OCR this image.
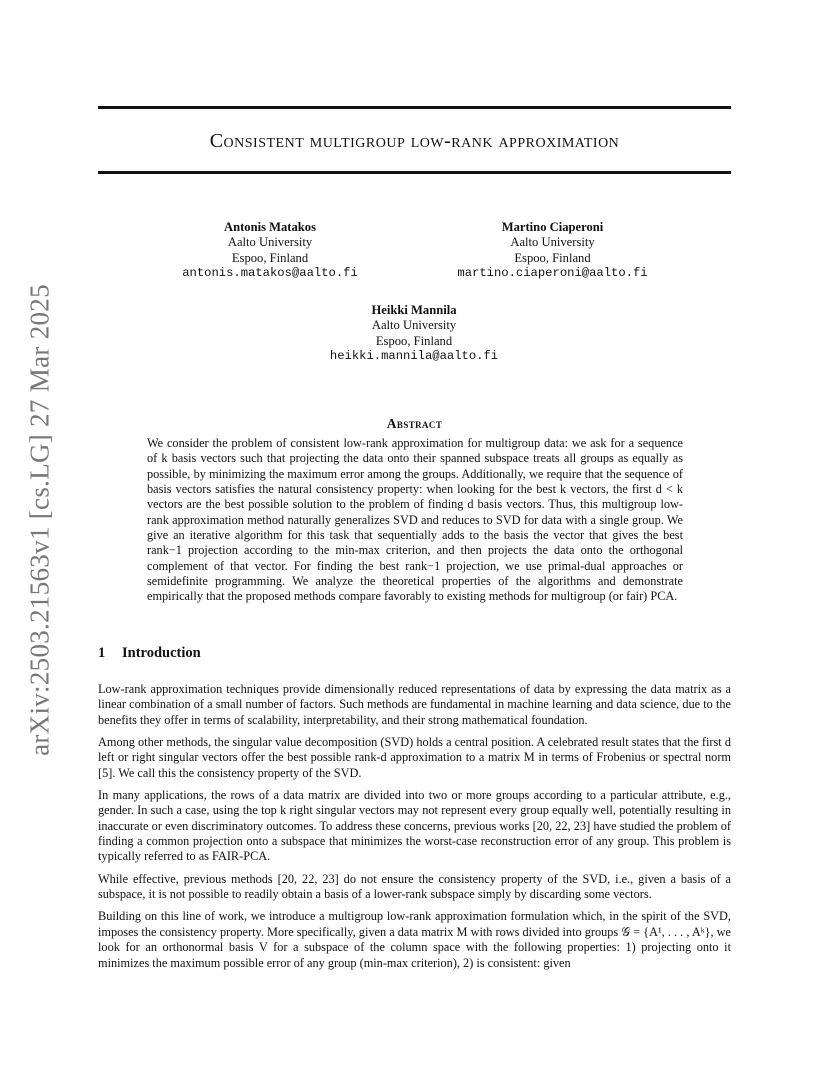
Consistent multigroup low-rank approximation
arXiv:2503.21563v1 [cs.LG] 27 Mar 2025
Antonis Matakos
Aalto University
Espoo, Finland
antonis.matakos@aalto.fi
Martino Ciaperoni
Aalto University
Espoo, Finland
martino.ciaperoni@aalto.fi
Heikki Mannila
Aalto University
Espoo, Finland
heikki.mannila@aalto.fi
Abstract
We consider the problem of consistent low-rank approximation for multigroup data: we ask for a sequence of k basis vectors such that projecting the data onto their spanned subspace treats all groups as equally as possible, by minimizing the maximum error among the groups. Additionally, we require that the sequence of basis vectors satisfies the natural consistency property: when looking for the best k vectors, the first d < k vectors are the best possible solution to the problem of finding d basis vectors. Thus, this multigroup low-rank approximation method naturally generalizes SVD and reduces to SVD for data with a single group. We give an iterative algorithm for this task that sequentially adds to the basis the vector that gives the best rank−1 projection according to the min-max criterion, and then projects the data onto the orthogonal complement of that vector. For finding the best rank−1 projection, we use primal-dual approaches or semidefinite programming. We analyze the theoretical properties of the algorithms and demonstrate empirically that the proposed methods compare favorably to existing methods for multigroup (or fair) PCA.
1 Introduction

Low-rank approximation techniques provide dimensionally reduced representations of data by expressing the data matrix as a linear combination of a small number of factors. Such methods are fundamental in machine learning and data science, due to the benefits they offer in terms of scalability, interpretability, and their strong mathematical foundation.

Among other methods, the singular value decomposition (SVD) holds a central position. A celebrated result states that the first d left or right singular vectors offer the best possible rank-d approximation to a matrix M in terms of Frobenius or spectral norm [5]. We call this the consistency property of the SVD.

In many applications, the rows of a data matrix are divided into two or more groups according to a particular attribute, e.g., gender. In such a case, using the top k right singular vectors may not represent every group equally well, potentially resulting in inaccurate or even discriminatory outcomes. To address these concerns, previous works [20, 22, 23] have studied the problem of finding a common projection onto a subspace that minimizes the worst-case reconstruction error of any group. This problem is typically referred to as FAIR-PCA.

While effective, previous methods [20, 22, 23] do not ensure the consistency property of the SVD, i.e., given a basis of a subspace, it is not possible to readily obtain a basis of a lower-rank subspace simply by discarding some vectors.

Building on this line of work, we introduce a multigroup low-rank approximation formulation which, in the spirit of the SVD, imposes the consistency property. More specifically, given a data matrix M with rows divided into groups 𝒢 = {A¹, . . . , Aᵏ}, we look for an orthonormal basis V for a subspace of the column space with the following properties: 1) projecting onto it minimizes the maximum possible error of any group (min-max criterion), 2) is consistent: given
